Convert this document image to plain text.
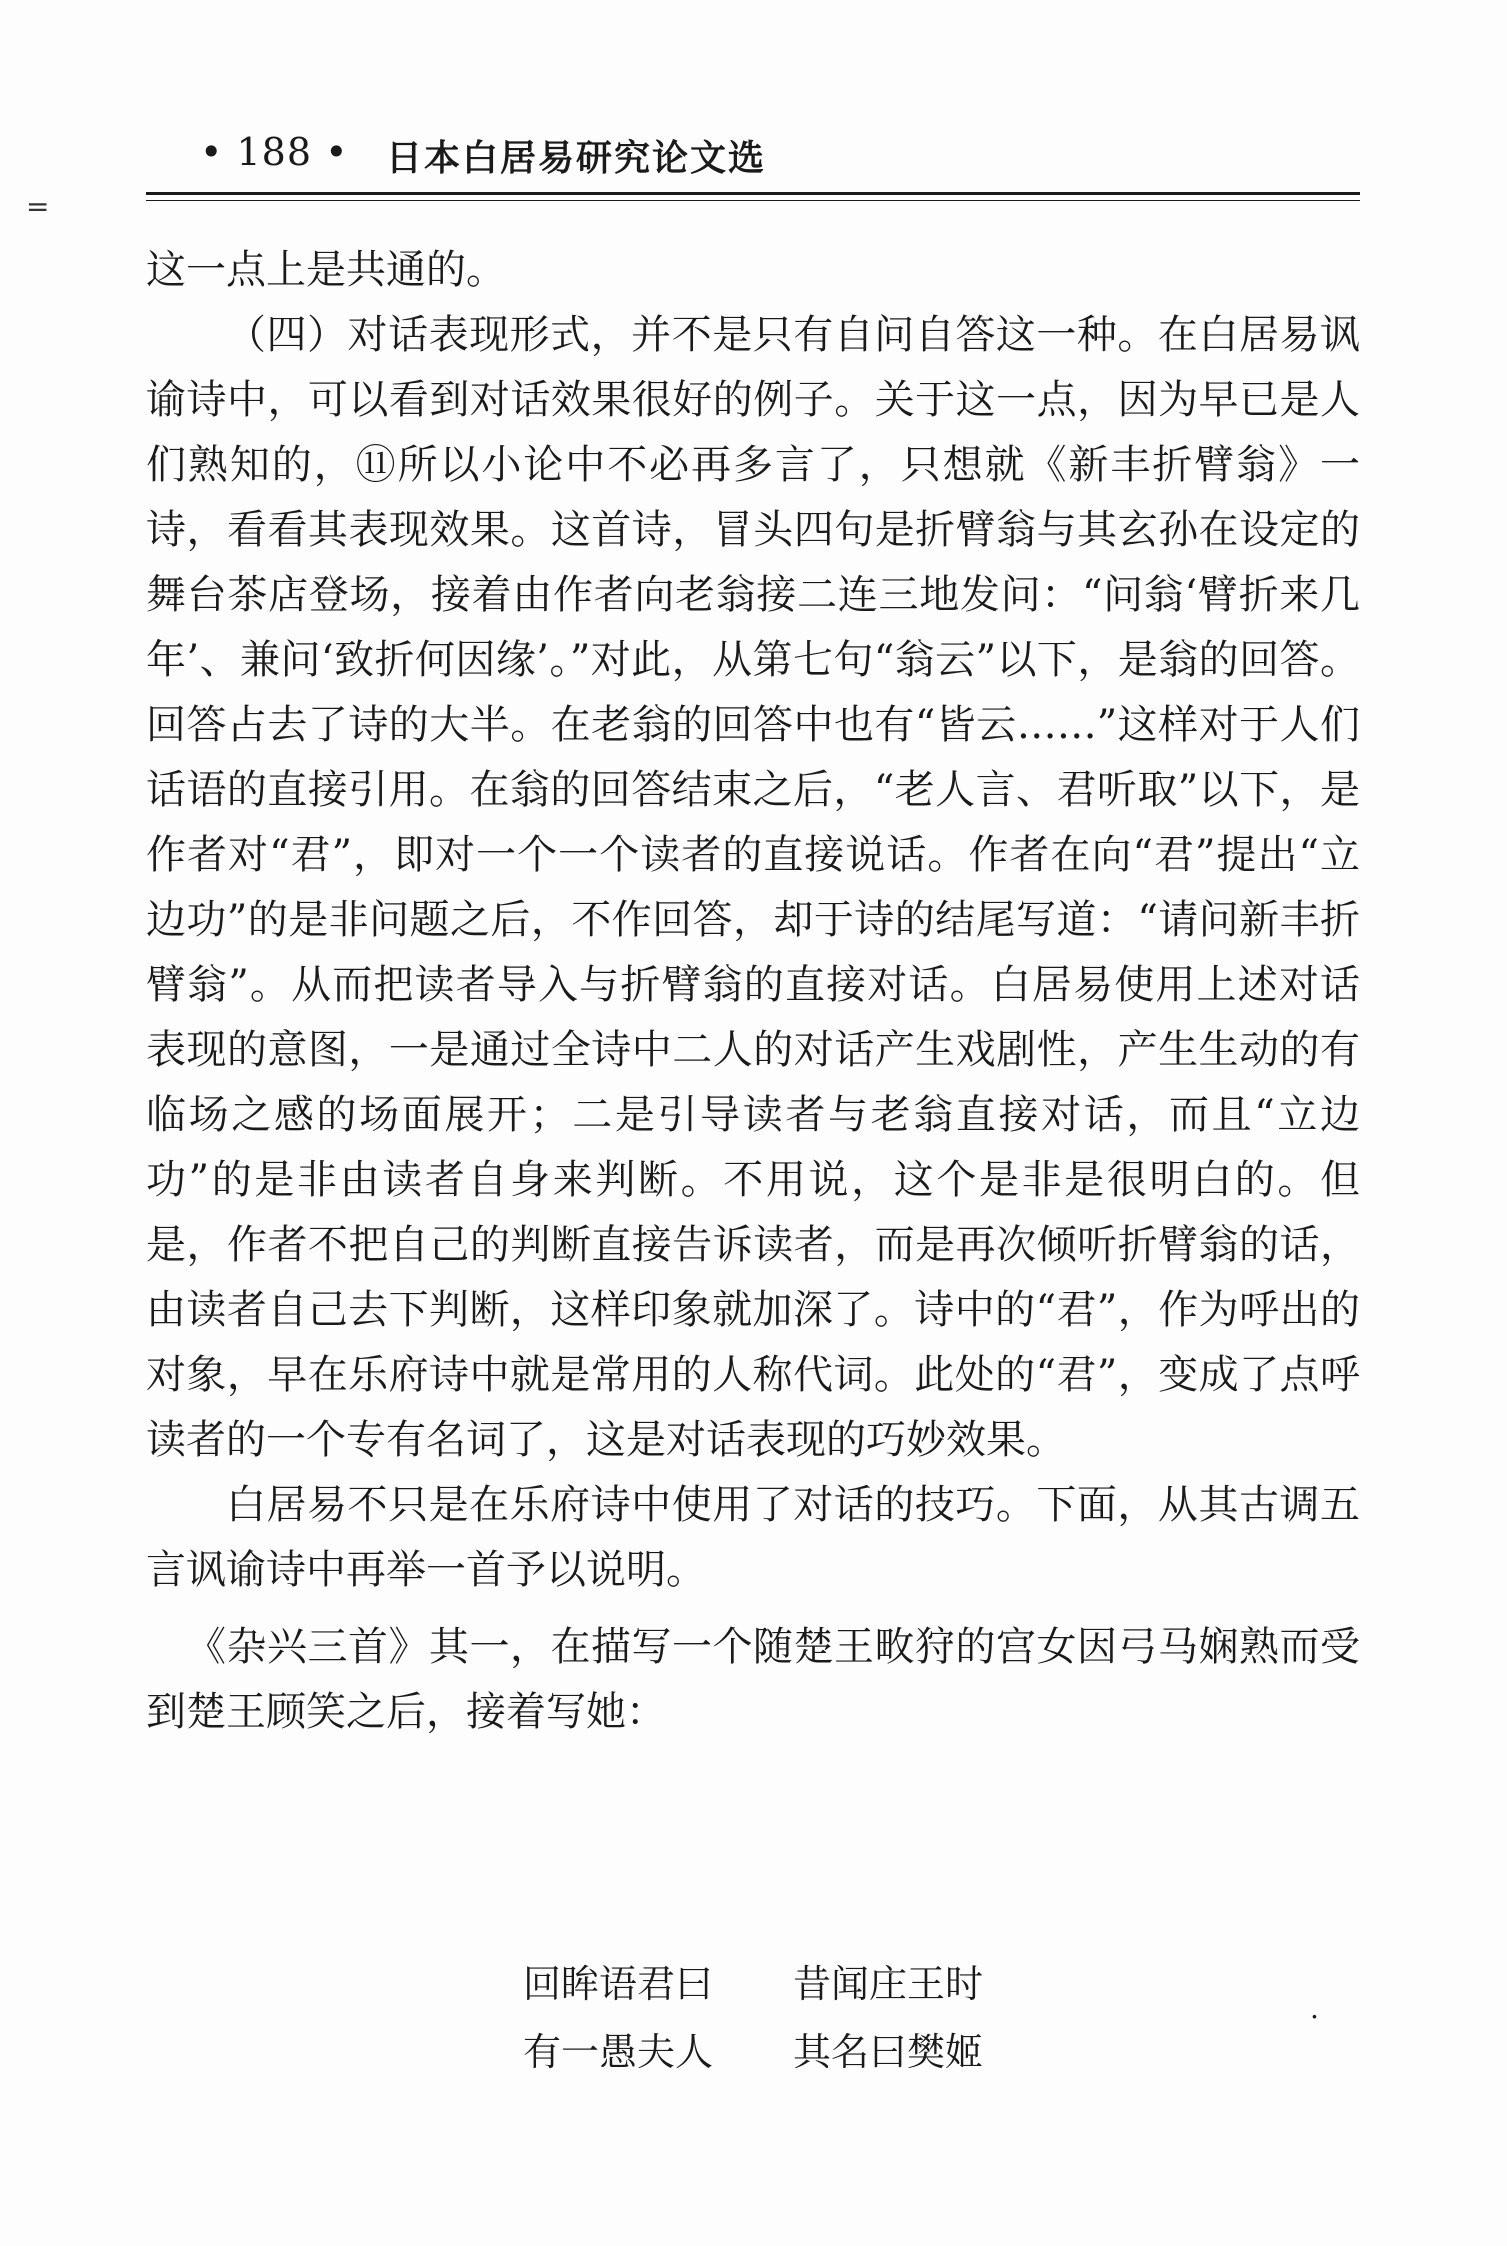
=
• 188 • 日本白居易研究论文选

这一点上是共通的。

（四）对话表现形式，并不是只有自问自答这一种。在白居易讽谕诗中，可以看到对话效果很好的例子。关于这一点，因为早已是人们熟知的，⑪所以小论中不必再多言了，只想就《新丰折臂翁》一诗，看看其表现效果。这首诗，冒头四句是折臂翁与其玄孙在设定的舞台茶店登场，接着由作者向老翁接二连三地发问：“问翁‘臂折来几年’、兼问‘致折何因缘’。”对此，从第七句“翁云”以下，是翁的回答。回答占去了诗的大半。在老翁的回答中也有“皆云……”这样对于人们话语的直接引用。在翁的回答结束之后，“老人言、君听取”以下，是作者对“君”，即对一个一个读者的直接说话。作者在向“君”提出“立边功”的是非问题之后，不作回答，却于诗的结尾写道：“请问新丰折臂翁”。从而把读者导入与折臂翁的直接对话。白居易使用上述对话表现的意图，一是通过全诗中二人的对话产生戏剧性，产生生动的有临场之感的场面展开；二是引导读者与老翁直接对话，而且“立边功”的是非由读者自身来判断。不用说，这个是非是很明白的。但是，作者不把自己的判断直接告诉读者，而是再次倾听折臂翁的话，由读者自己去下判断，这样印象就加深了。诗中的“君”，作为呼出的对象，早在乐府诗中就是常用的人称代词。此处的“君”，变成了点呼读者的一个专有名词了，这是对话表现的巧妙效果。

白居易不只是在乐府诗中使用了对话的技巧。下面，从其古调五言讽谕诗中再举一首予以说明。

《杂兴三首》其一，在描写一个随楚王畋狩的宫女因弓马娴熟而受到楚王顾笑之后，接着写她：

回眸语君曰 昔闻庄王时
有一愚夫人 其名曰樊姬
.
